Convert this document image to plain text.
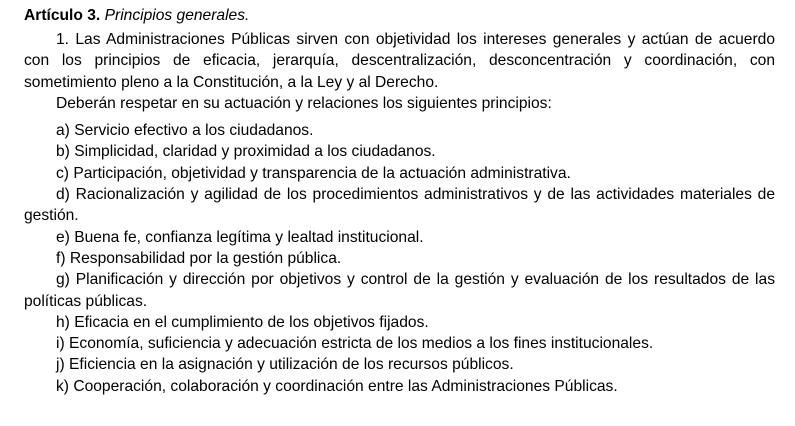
Artículo 3. Principios generales.

1. Las Administraciones Públicas sirven con objetividad los intereses generales y actúan de acuerdo con los principios de eficacia, jerarquía, descentralización, desconcentración y coordinación, con sometimiento pleno a la Constitución, a la Ley y al Derecho.

Deberán respetar en su actuación y relaciones los siguientes principios:

a) Servicio efectivo a los ciudadanos.

b) Simplicidad, claridad y proximidad a los ciudadanos.

c) Participación, objetividad y transparencia de la actuación administrativa.

d) Racionalización y agilidad de los procedimientos administrativos y de las actividades materiales de gestión.

e) Buena fe, confianza legítima y lealtad institucional.

f) Responsabilidad por la gestión pública.

g) Planificación y dirección por objetivos y control de la gestión y evaluación de los resultados de las políticas públicas.

h) Eficacia en el cumplimiento de los objetivos fijados.

i) Economía, suficiencia y adecuación estricta de los medios a los fines institucionales.

j) Eficiencia en la asignación y utilización de los recursos públicos.

k) Cooperación, colaboración y coordinación entre las Administraciones Públicas.
